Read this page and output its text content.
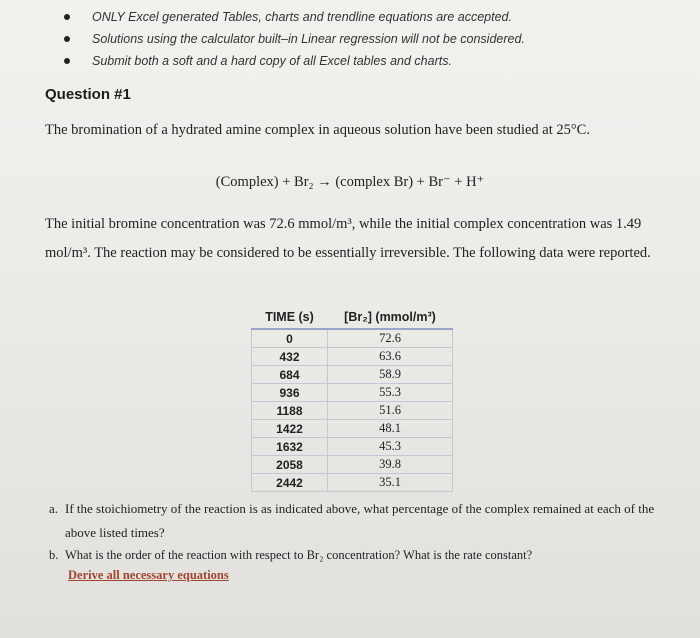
ONLY Excel generated Tables, charts and trendline equations are accepted.
Solutions using the calculator built–in Linear regression will not be considered.
Submit both a soft and a hard copy of all Excel tables and charts.
Question #1
The bromination of a hydrated amine complex in aqueous solution have been studied at 25°C.
(Complex) + Br₂ → (complex Br) + Br⁻ + H⁺
The initial bromine concentration was 72.6 mmol/m³, while the initial complex concentration was 1.49 mol/m³. The reaction may be considered to be essentially irreversible. The following data were reported.
TIME (s)	[Br₂] (mmol/m³)
0	72.6
432	63.6
684	58.9
936	55.3
1188	51.6
1422	48.1
1632	45.3
2058	39.8
2442	35.1
a. If the stoichiometry of the reaction is as indicated above, what percentage of the complex remained at each of the above listed times?
b. What is the order of the reaction with respect to Br₂ concentration? What is the rate constant?
Derive all necessary equations
